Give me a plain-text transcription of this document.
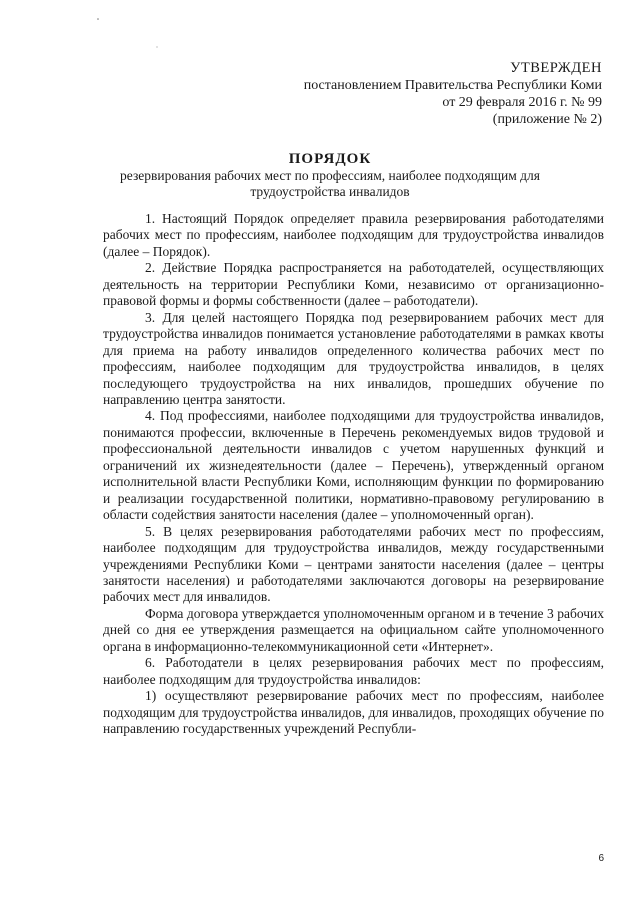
УТВЕРЖДЕН
постановлением Правительства Республики Коми
от 29 февраля 2016 г. № 99
(приложение № 2)
ПОРЯДОК
резервирования рабочих мест по профессиям, наиболее подходящим для трудоустройства инвалидов

1. Настоящий Порядок определяет правила резервирования работодателями рабочих мест по профессиям, наиболее подходящим для трудоустройства инвалидов (далее – Порядок).

2. Действие Порядка распространяется на работодателей, осуществляющих деятельность на территории Республики Коми, независимо от организационно-правовой формы и формы собственности (далее – работодатели).

3. Для целей настоящего Порядка под резервированием рабочих мест для трудоустройства инвалидов понимается установление работодателями в рамках квоты для приема на работу инвалидов определенного количества рабочих мест по профессиям, наиболее подходящим для трудоустройства инвалидов, в целях последующего трудоустройства на них инвалидов, прошедших обучение по направлению центра занятости.

4. Под профессиями, наиболее подходящими для трудоустройства инвалидов, понимаются профессии, включенные в Перечень рекомендуемых видов трудовой и профессиональной деятельности инвалидов с учетом нарушенных функций и ограничений их жизнедеятельности (далее – Перечень), утвержденный органом исполнительной власти Республики Коми, исполняющим функции по формированию и реализации государственной политики, нормативно-правовому регулированию в области содействия занятости населения (далее – уполномоченный орган).

5. В целях резервирования работодателями рабочих мест по профессиям, наиболее подходящим для трудоустройства инвалидов, между государственными учреждениями Республики Коми – центрами занятости населения (далее – центры занятости населения) и работодателями заключаются договоры на резервирование рабочих мест для инвалидов.

Форма договора утверждается уполномоченным органом и в течение 3 рабочих дней со дня ее утверждения размещается на официальном сайте уполномоченного органа в информационно-телекоммуникационной сети «Интернет».

6. Работодатели в целях резервирования рабочих мест по профессиям, наиболее подходящим для трудоустройства инвалидов:

1) осуществляют резервирование рабочих мест по профессиям, наиболее подходящим для трудоустройства инвалидов, для инвалидов, проходящих обучение по направлению государственных учреждений Республи-

6
